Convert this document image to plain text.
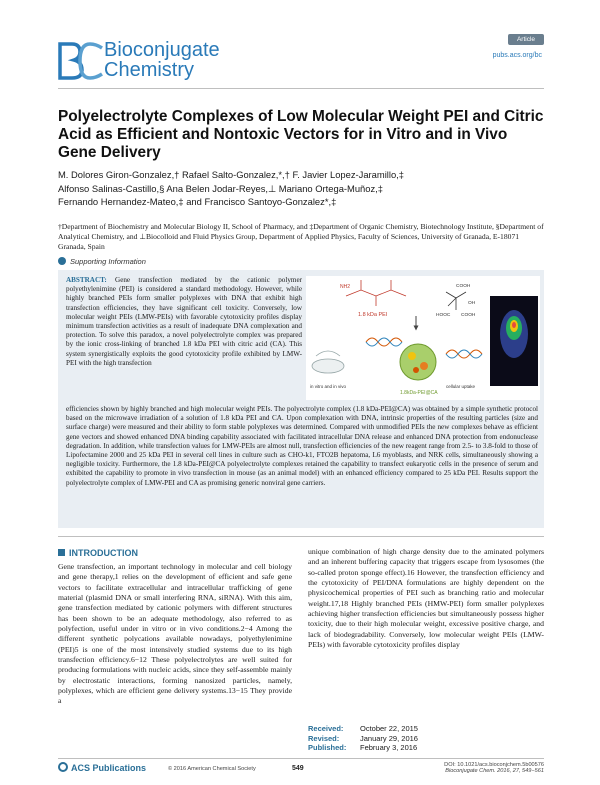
Bioconjugate
Chemistry
Article
pubs.acs.org/bc
Polyelectrolyte Complexes of Low Molecular Weight PEI and Citric Acid as Efficient and Nontoxic Vectors for in Vitro and in Vivo Gene Delivery
M. Dolores Giron-Gonzalez,† Rafael Salto-Gonzalez,*,† F. Javier Lopez-Jaramillo,‡
Alfonso Salinas-Castillo,§ Ana Belen Jodar-Reyes,⊥ Mariano Ortega-Muñoz,‡
Fernando Hernandez-Mateo,‡ and Francisco Santoyo-Gonzalez*,‡
†Department of Biochemistry and Molecular Biology II, School of Pharmacy, and ‡Department of Organic Chemistry, Biotechnology Institute, §Department of Analytical Chemistry, and ⊥Biocolloid and Fluid Physics Group, Department of Applied Physics, Faculty of Sciences, University of Granada, E-18071 Granada, Spain
Supporting Information
ABSTRACT: Gene transfection mediated by the cationic polymer polyethylenimine (PEI) is considered a standard methodology. However, while highly branched PEIs form smaller polyplexes with DNA that exhibit high transfection efficiencies, they have significant cell toxicity. Conversely, low molecular weight PEIs (LMW-PEIs) with favorable cytotoxicity profiles display minimum transfection activities as a result of inadequate DNA complexation and protection. To solve this paradox, a novel polyelectrolyte complex was prepared by the ionic cross-linking of branched 1.8 kDa PEI with citric acid (CA). This system synergistically exploits the good cytotoxicity profile exhibited by LMW-PEI with the high transfection
NH2
1.8 kDa PEI
COOH
HOOC COOH
OH
in vitro and in vivo
1.8kDa-PEI@CA
cellular uptake
efficiencies shown by highly branched and high molecular weight PEIs. The polyectrolyte complex (1.8 kDa-PEI@CA) was obtained by a simple synthetic protocol based on the microwave irradiation of a solution of 1.8 kDa PEI and CA. Upon complexation with DNA, intrinsic properties of the resulting particles (size and surface charge) were measured and their ability to form stable polyplexes was determined. Compared with unmodified PEIs the new complexes behave as efficient gene vectors and showed enhanced DNA binding capability associated with facilitated intracellular DNA release and enhanced DNA protection from endonuclease degradation. In addition, while transfection values for LMW-PEIs are almost null, transfection efficiencies of the new reagent range from 2.5- to 3.8-fold to those of Lipofectamine 2000 and 25 kDa PEI in several cell lines in culture such as CHO-k1, FTO2B hepatoma, L6 myoblasts, and NRK cells, simultaneously showing a negligible toxicity. Furthermore, the 1.8 kDa-PEI@CA polyelectrolyte complexes retained the capability to transfect eukaryotic cells in the presence of serum and exhibited the capability to promote in vivo transfection in mouse (as an animal model) with an enhanced efficiency compared to 25 kDa PEI. Results support the polyelectrolyte complex of LMW-PEI and CA as promising generic nonviral gene carriers.
INTRODUCTION
Gene transfection, an important technology in molecular and cell biology and gene therapy,1 relies on the development of efficient and safe gene vectors to facilitate extracellular and intracellular trafficking of gene material (plasmid DNA or small interfering RNA, siRNA). With this aim, gene transfection mediated by cationic polymers with different structures has been shown to be an adequate methodology, also referred to as polyfection, useful under in vitro or in vivo conditions.2−4 Among the different synthetic polycations available nowadays, polyethylenimine (PEI)5 is one of the most intensively studied systems due to its high transfection efficiency.6−12 These polyelectrolytes are well suited for producing formulations with nucleic acids, since they self-assemble mainly by electrostatic interactions, forming nanosized particles, namely, polyplexes, which are efficient gene delivery systems.13−15 They provide a
unique combination of high charge density due to the aminated polymers and an inherent buffering capacity that triggers escape from lysosomes (the so-called proton sponge effect).16 However, the transfection efficiency and the cytotoxicity of PEI/DNA formulations are highly dependent on the physicochemical properties of PEI such as branching ratio and molecular weight.17,18 Highly branched PEIs (HMW-PEI) form smaller polyplexes achieving higher transfection efficiencies but simultaneously possess higher toxicity, due to their high molecular weight, excessive positive charge, and lack of biodegradability. Conversely, low molecular weight PEIs (LMW-PEIs) with favorable cytotoxicity profiles display
Received: October 22, 2015
Revised:	January 29, 2016
Published: February 3, 2016
ACS Publications	© 2016 American Chemical Society	549	DOI: 10.1021/acs.bioconjchem.5b00576
Bioconjugate Chem. 2016, 27, 549−561
